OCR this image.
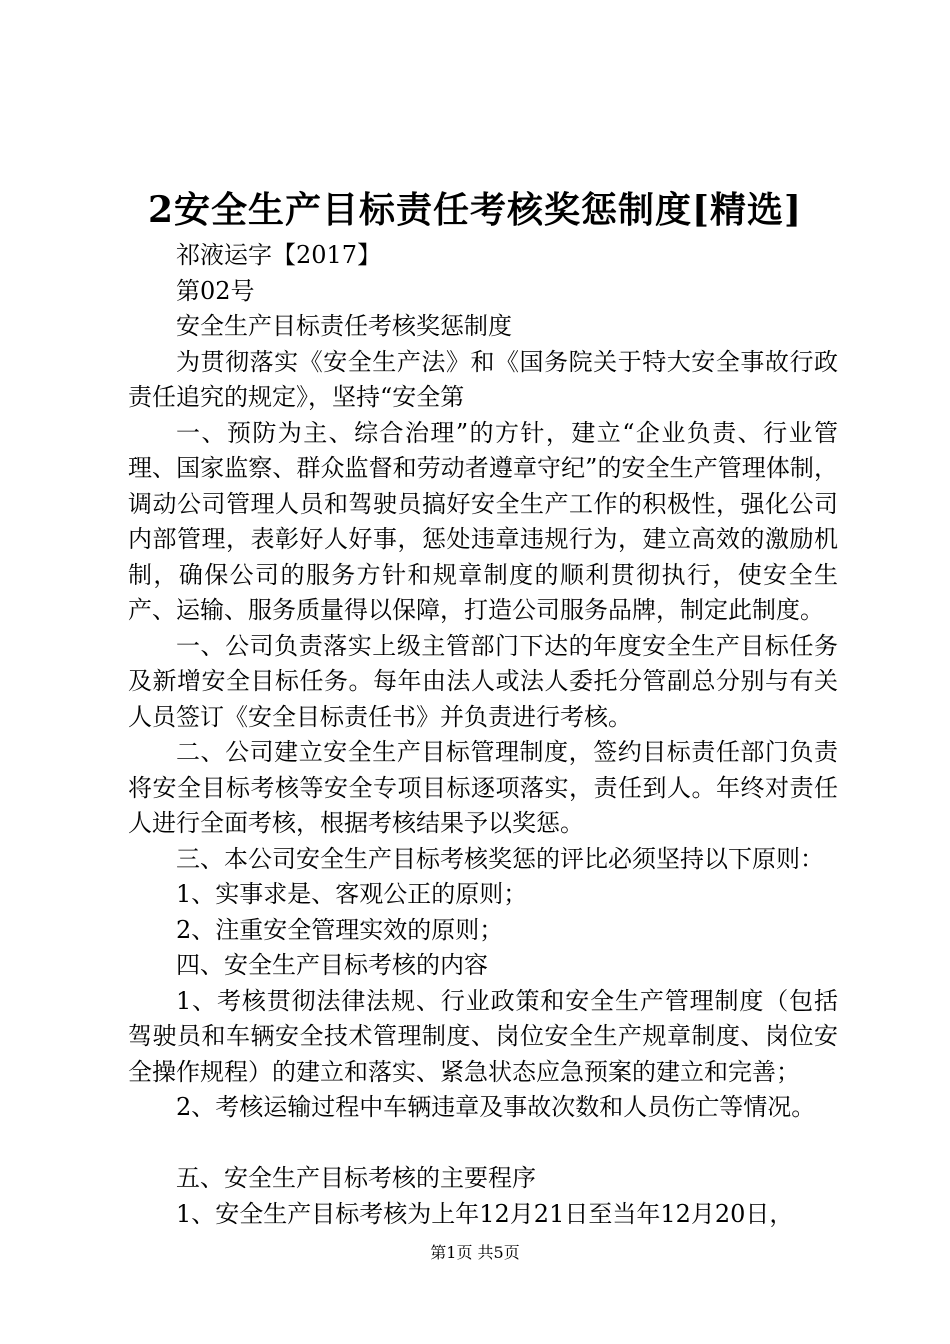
2安全生产目标责任考核奖惩制度[精选]

祁液运字【2017】

第02号

安全生产目标责任考核奖惩制度

为贯彻落实《安全生产法》和《国务院关于特大安全事故行政责任追究的规定》，坚持“安全第

一、预防为主、综合治理”的方针，建立“企业负责、行业管理、国家监察、群众监督和劳动者遵章守纪”的安全生产管理体制，调动公司管理人员和驾驶员搞好安全生产工作的积极性，强化公司内部管理，表彰好人好事，惩处违章违规行为，建立高效的激励机制，确保公司的服务方针和规章制度的顺利贯彻执行，使安全生产、运输、服务质量得以保障，打造公司服务品牌，制定此制度。

一、公司负责落实上级主管部门下达的年度安全生产目标任务及新增安全目标任务。每年由法人或法人委托分管副总分别与有关人员签订《安全目标责任书》并负责进行考核。

二、公司建立安全生产目标管理制度，签约目标责任部门负责将安全目标考核等安全专项目标逐项落实，责任到人。年终对责任人进行全面考核，根据考核结果予以奖惩。

三、本公司安全生产目标考核奖惩的评比必须坚持以下原则：

1、实事求是、客观公正的原则；

2、注重安全管理实效的原则；

四、安全生产目标考核的内容

1、考核贯彻法律法规、行业政策和安全生产管理制度（包括驾驶员和车辆安全技术管理制度、岗位安全生产规章制度、岗位安全操作规程）的建立和落实、紧急状态应急预案的建立和完善；

2、考核运输过程中车辆违章及事故次数和人员伤亡等情况。

五、安全生产目标考核的主要程序

1、安全生产目标考核为上年12月21日至当年12月20日，

第1页 共5页
